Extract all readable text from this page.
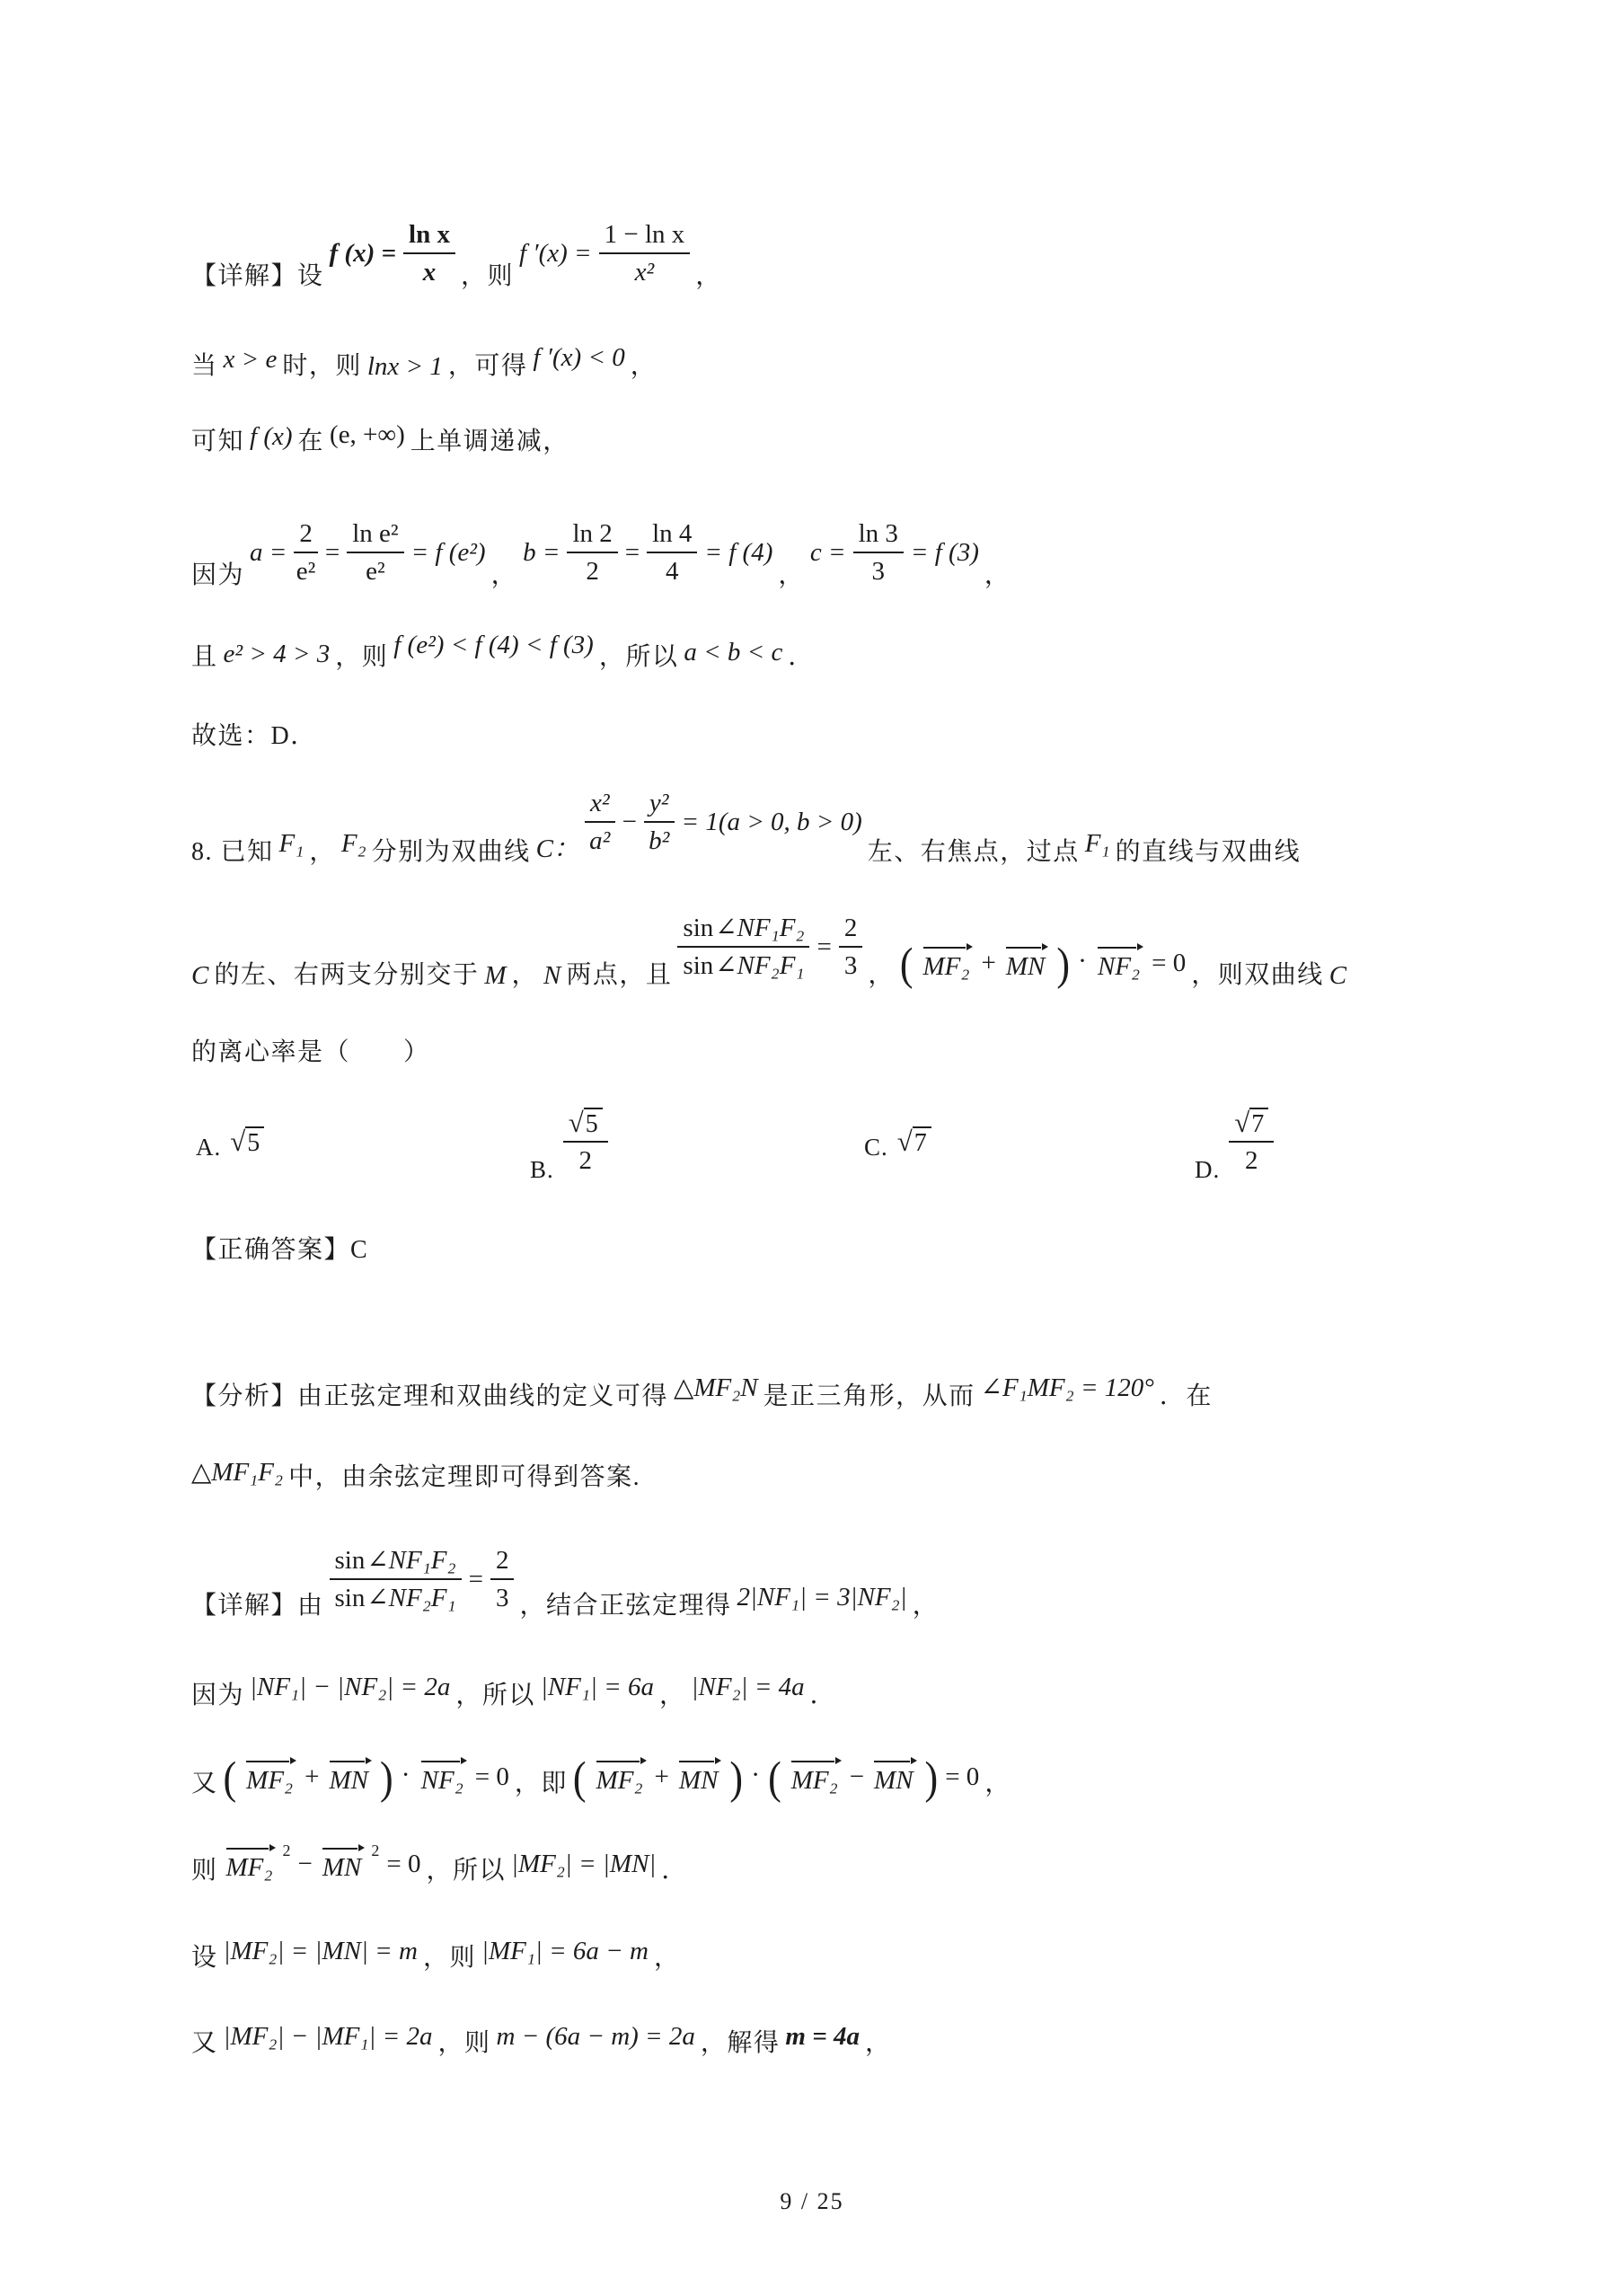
【详解】设
f $(x) = \frac{\text{ln x}}{x}$ ，则
f $'(x) = \frac{\text{1 − ln x}}{\text{x²}}$ ，
当 x > e 时，则 lnx > 1 ，可得 f ′(x) < 0 ，
可知 f (x) 在 (e, +∞) 上单调递减，
因为
$a = \frac{2}{\text{e²}} = \frac{\text{ln e²}}{\text{e²}} = f$ (e²)
，
$b = \frac{\ln 2}{2} = \frac{\ln 4}{4} = f$ (4)
，
$c = \frac{\ln 3}{3} = f$ (3)
，
且 e² > 4 > 3 ，则 f (e²) < f (4) < f (3) ，所以 a < b < c ．
故选：D．
8. 已知 F₁ ， F₂ 分别为双曲线 C： $\frac{\text{x²}}{\text{a²}} - \frac{\text{y²}}{\text{b²}} = 1(a > 0$, b > 0)
左、右焦点，过点 F₁ 的直线与双曲线
C 的左、右两支分别交于 M ， N 两点，且 $\frac{\text{sin ∠NF₁F₂}}{\text{sin ∠NF₂F₁}} = \frac{2}{3}$ ， ( MF₂ + MN ) · NF₂ = 0 ，则双曲线 C
的离心率是（　　）
A. √ 5
B. $\frac{√ 5}{2}$	C. √ 7
D. $\frac{√ 7}{2}$
【正确答案】C
【分析】由正弦定理和双曲线的定义可得 △MF₂N 是正三角形，从而 ∠F₁MF₂ = 120° ．在
△MF₁F₂ 中，由余弦定理即可得到答案.
【详解】由 $\frac{\text{sin ∠NF₁F₂}}{\text{sin ∠NF₂F₁}} = \frac{2}{3}$ ，结合正弦定理得 2|NF₁| = 3|NF₂| ，
因为 |NF₁| − |NF₂| = 2a ，所以 |NF₁| = 6a ， |NF₂| = 4a ．
又 ( MF₂ + MN ) · NF₂ = 0 ，即 ( MF₂ + MN ) · ( MF₂ − MN ) = 0 ，
则 MF₂
2 − MN
2 = 0 ，所以 |MF₂| = |MN| ．
设 |MF₂| = |MN| = m ，则 |MF₁| = 6a − m ，
又 |MF₂| − |MF₁| = 2a ，则 m − (6a − m) = 2a ，解得 m = 4a ，
9 / 25
